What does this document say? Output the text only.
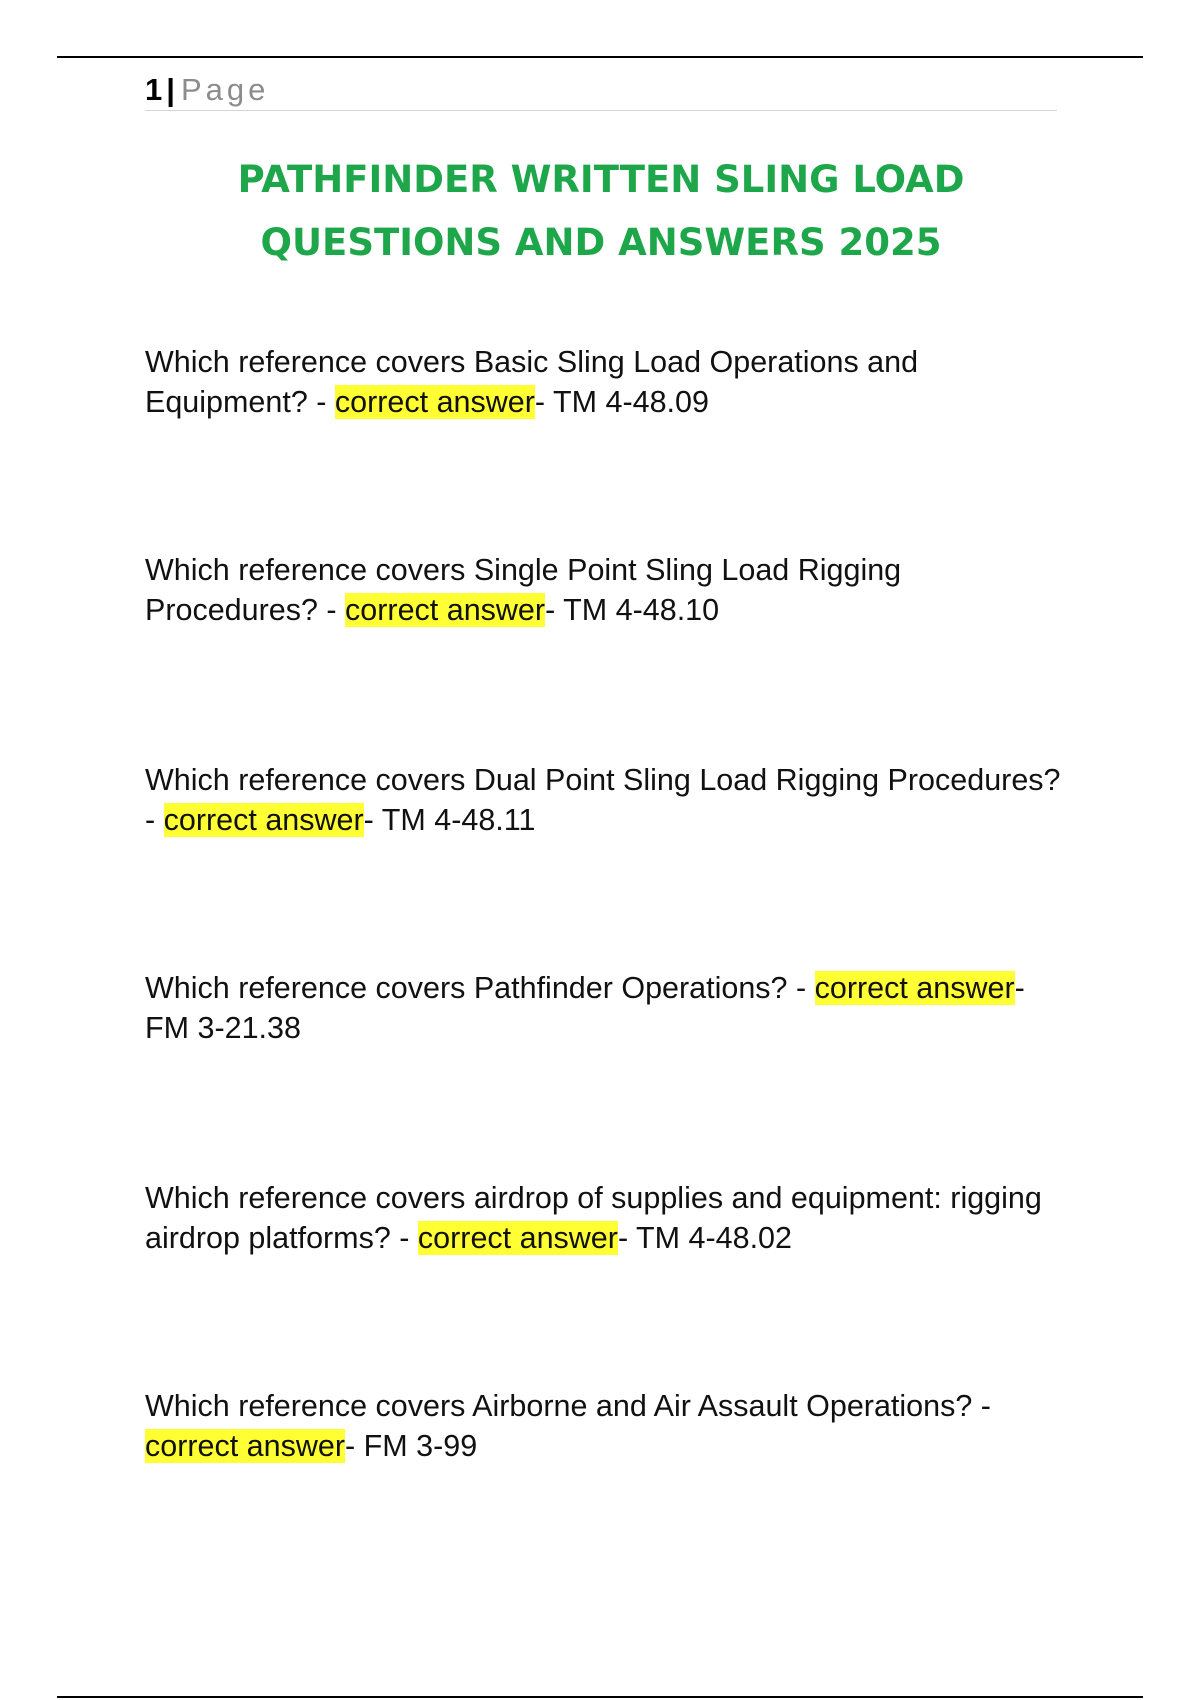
1 | Page
PATHFINDER WRITTEN SLING LOAD
QUESTIONS AND ANSWERS 2025

Which reference covers Basic Sling Load Operations and Equipment? - correct answer- TM 4-48.09

Which reference covers Single Point Sling Load Rigging Procedures? - correct answer- TM 4-48.10

Which reference covers Dual Point Sling Load Rigging Procedures? - correct answer- TM 4-48.11

Which reference covers Pathfinder Operations? - correct answer- FM 3-21.38

Which reference covers airdrop of supplies and equipment: rigging airdrop platforms? - correct answer- TM 4-48.02

Which reference covers Airborne and Air Assault Operations? - correct answer- FM 3-99
